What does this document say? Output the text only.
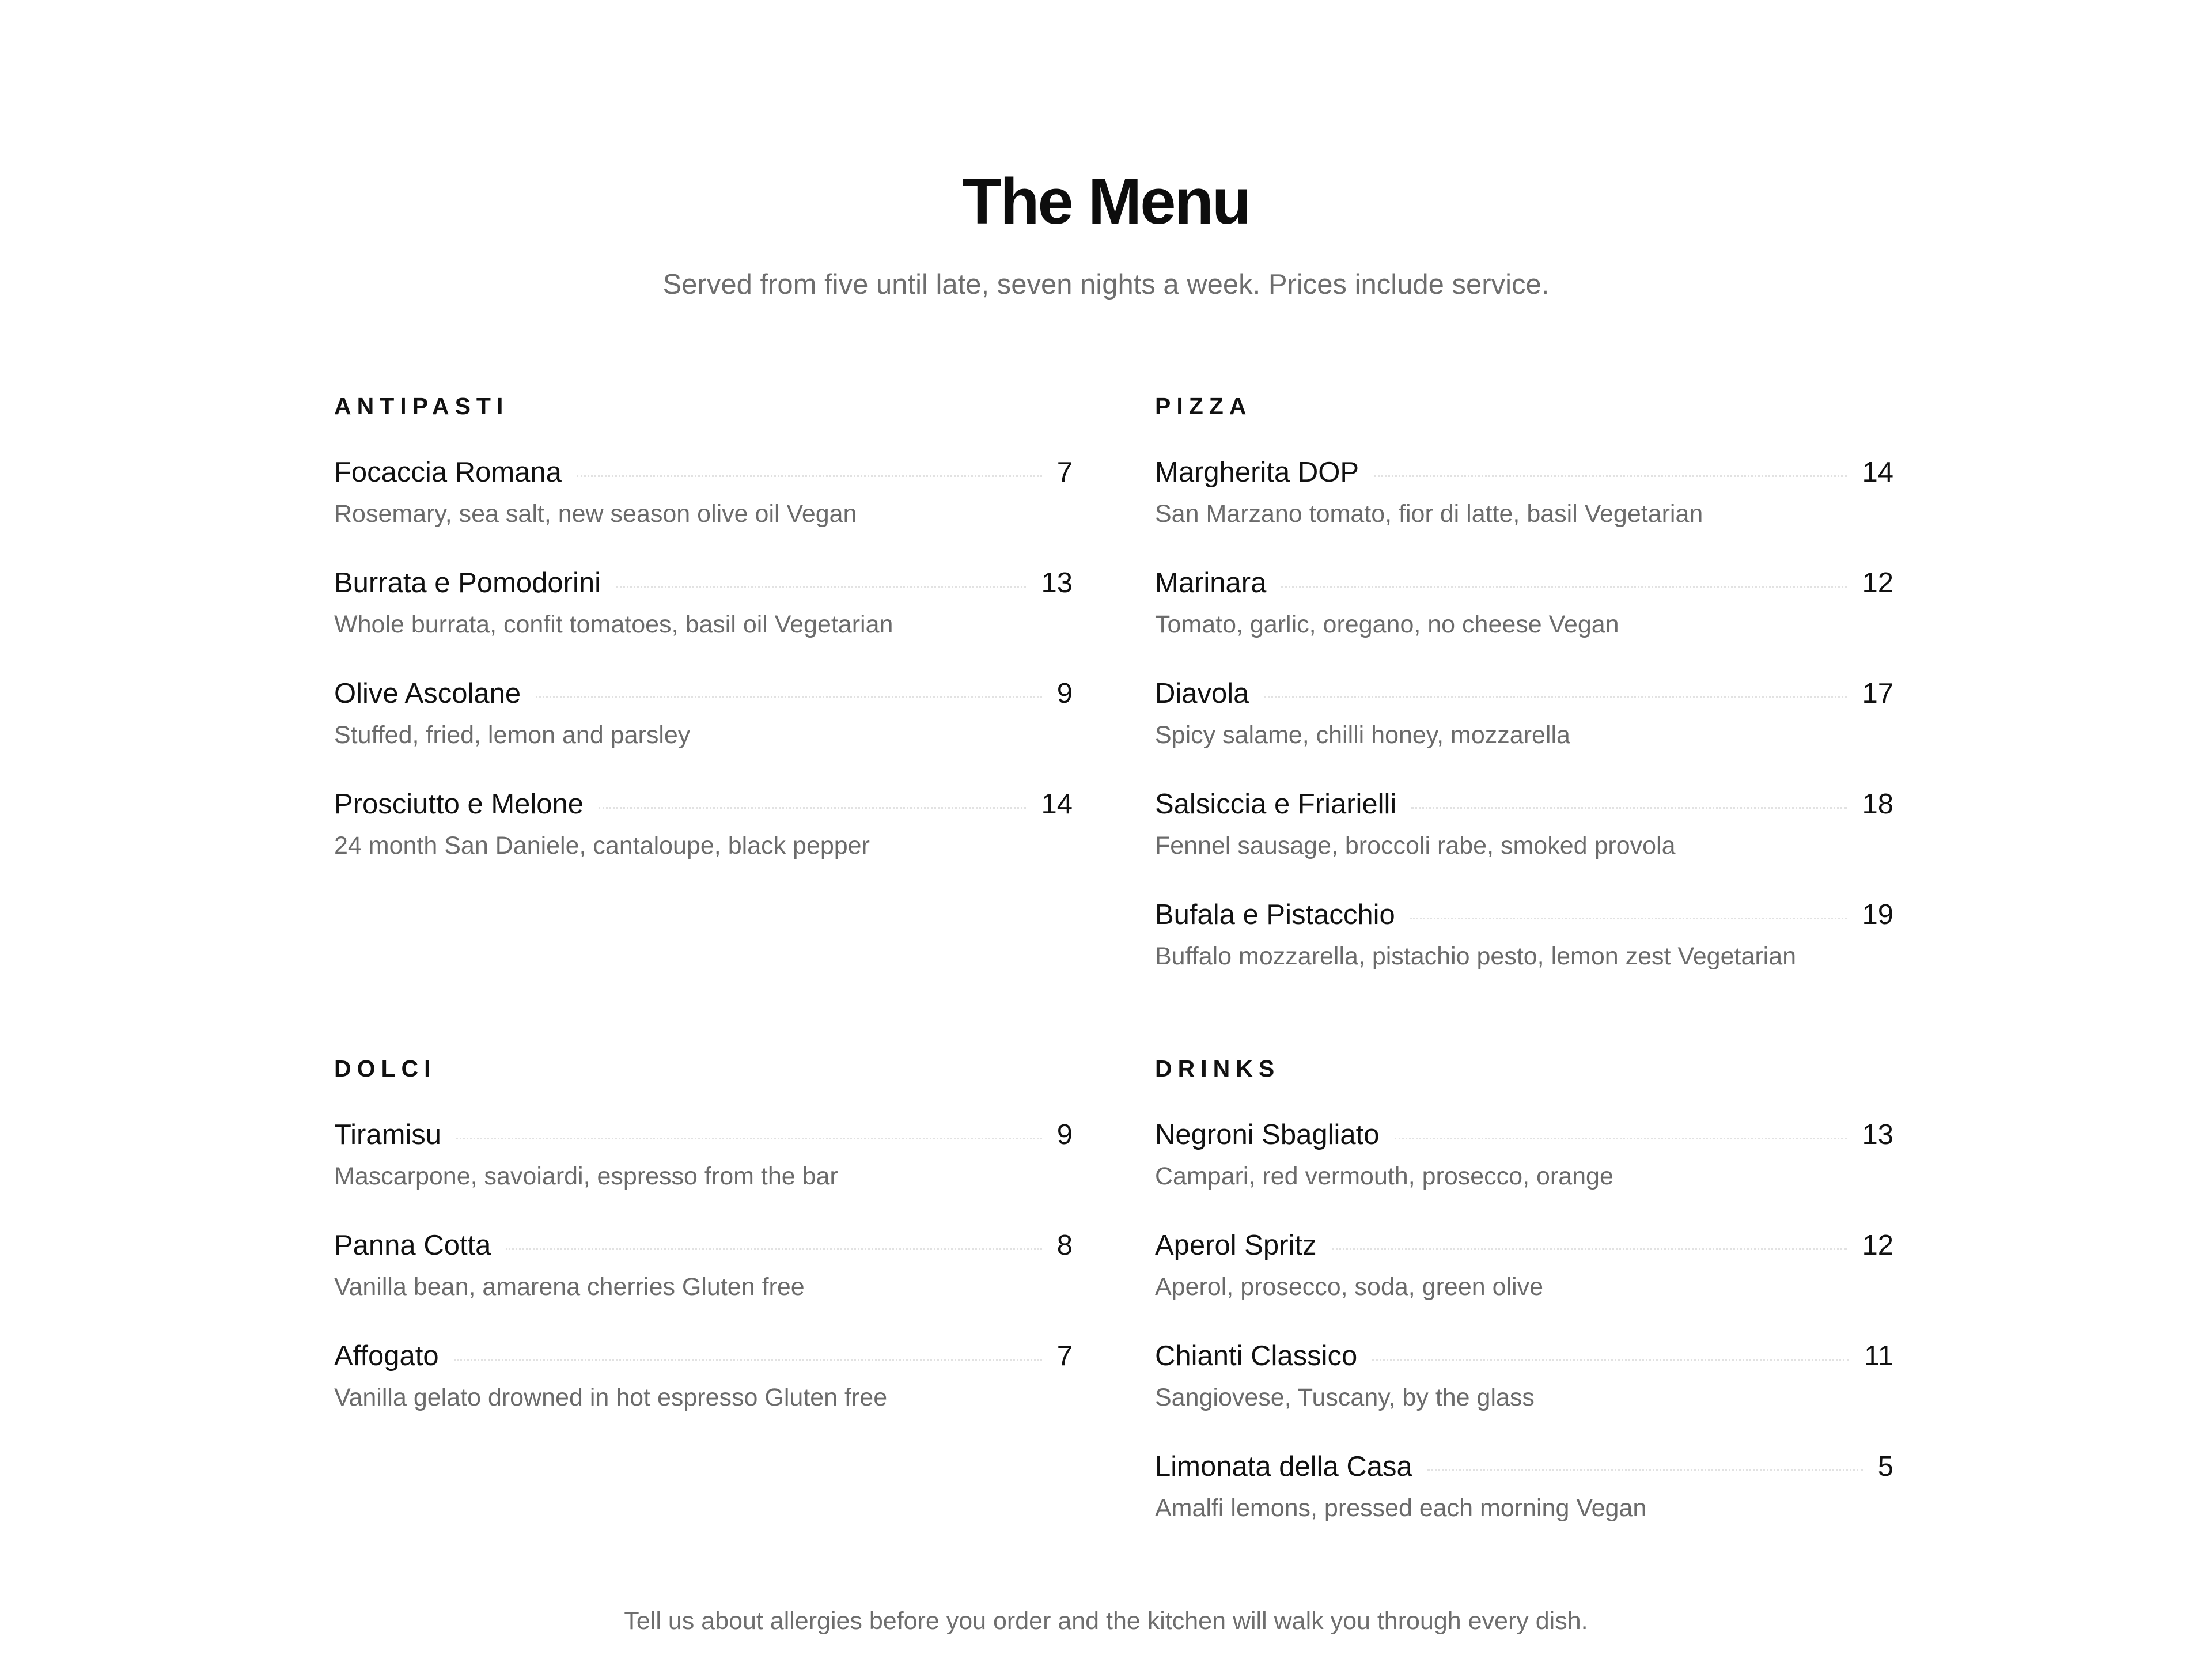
The Menu
Served from five until late, seven nights a week. Prices include service.
ANTIPASTI
Focaccia Romana	7
Rosemary, sea salt, new season olive oil Vegan
Burrata e Pomodorini	13
Whole burrata, confit tomatoes, basil oil Vegetarian
Olive Ascolane	9
Stuffed, fried, lemon and parsley
Prosciutto e Melone	14
24 month San Daniele, cantaloupe, black pepper
PIZZA
Margherita DOP	14
San Marzano tomato, fior di latte, basil Vegetarian
Marinara	12
Tomato, garlic, oregano, no cheese Vegan
Diavola	17
Spicy salame, chilli honey, mozzarella
Salsiccia e Friarielli	18
Fennel sausage, broccoli rabe, smoked provola
Bufala e Pistacchio	19
Buffalo mozzarella, pistachio pesto, lemon zest Vegetarian
DOLCI
Tiramisu	9
Mascarpone, savoiardi, espresso from the bar
Panna Cotta	8
Vanilla bean, amarena cherries Gluten free
Affogato	7
Vanilla gelato drowned in hot espresso Gluten free
DRINKS
Negroni Sbagliato	13
Campari, red vermouth, prosecco, orange
Aperol Spritz	12
Aperol, prosecco, soda, green olive
Chianti Classico	11
Sangiovese, Tuscany, by the glass
Limonata della Casa	5
Amalfi lemons, pressed each morning Vegan
Tell us about allergies before you order and the kitchen will walk you through every dish.
